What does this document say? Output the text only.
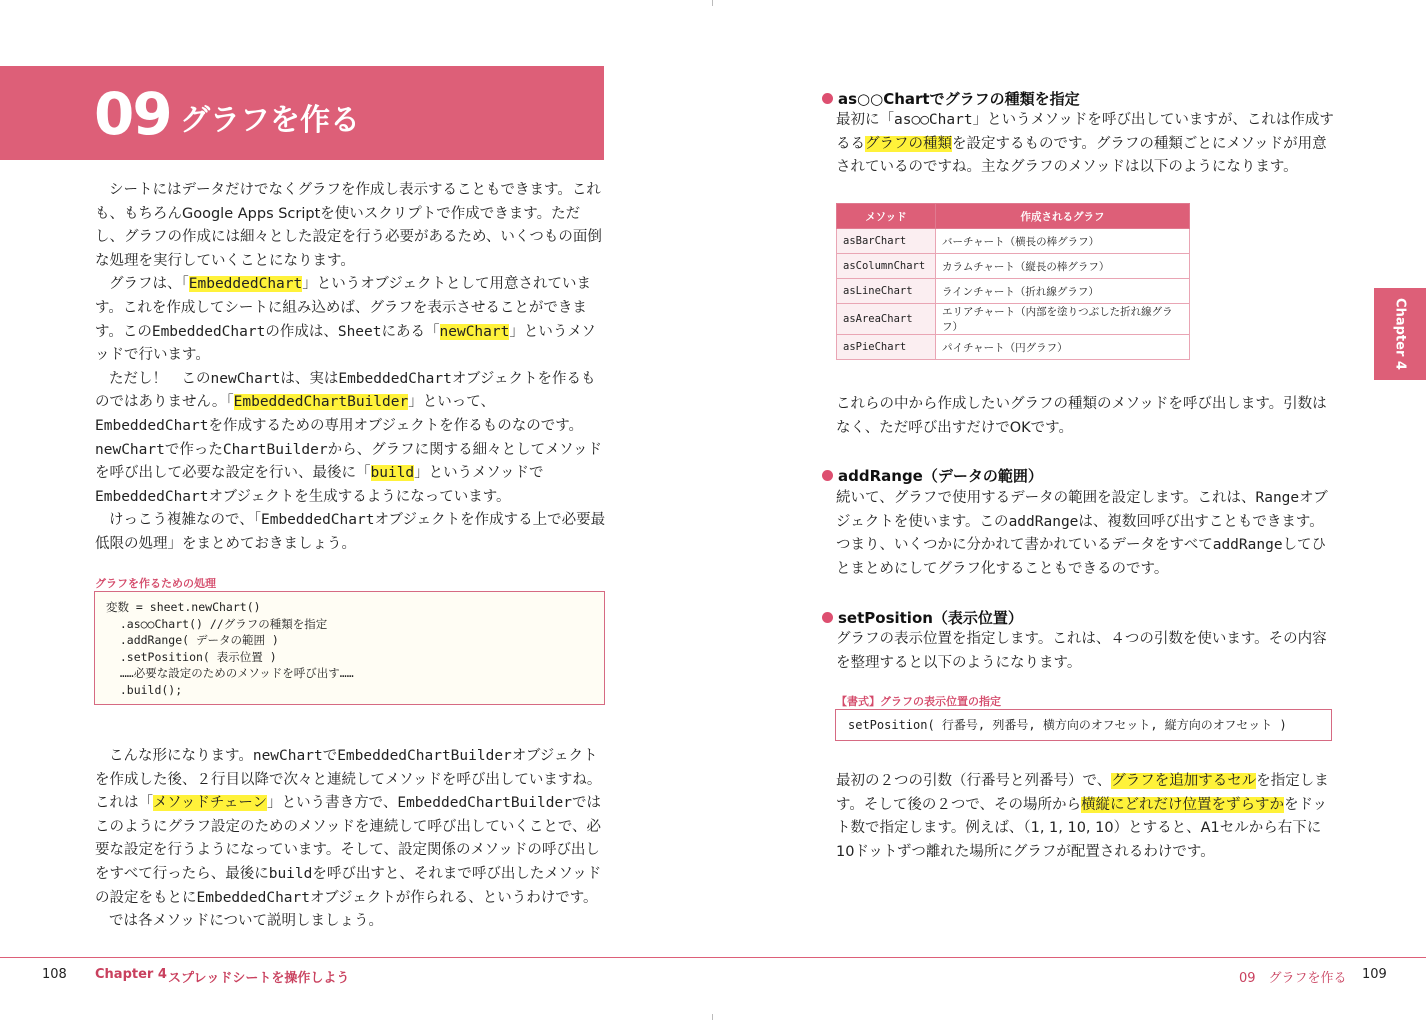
09 グラフを作る

シートにはデータだけでなくグラフを作成し表示することもできます。これも、もちろんGoogle Apps Scriptを使いスクリプトで作成できます。ただし、グラフの作成には細々とした設定を行う必要があるため、いくつもの面倒な処理を実行していくことになります。

グラフは、「EmbeddedChart」というオブジェクトとして用意されています。これを作成してシートに組み込めば、グラフを表示させることができます。このEmbeddedChartの作成は、Sheetにある「newChart」というメソッドで行います。

ただし！　このnewChartは、実はEmbeddedChartオブジェクトを作るものではありません。「EmbeddedChartBuilder」といって、EmbeddedChartを作成するための専用オブジェクトを作るものなのです。newChartで作ったChartBuilderから、グラフに関する細々としてメソッドを呼び出して必要な設定を行い、最後に「build」というメソッドでEmbeddedChartオブジェクトを生成するようになっています。

けっこう複雑なので、「EmbeddedChartオブジェクトを作成する上で必要最低限の処理」をまとめておきましょう。

グラフを作るための処理
変数 = sheet.newChart()
.as○○Chart() //グラフの種類を指定
.addRange( データの範囲 )
.setPosition( 表示位置 )
……必要な設定のためのメソッドを呼び出す……
.build();

こんな形になります。newChartでEmbeddedChartBuilderオブジェクトを作成した後、２行目以降で次々と連続してメソッドを呼び出していますね。これは「メソッドチェーン」という書き方で、EmbeddedChartBuilderではこのようにグラフ設定のためのメソッドを連続して呼び出していくことで、必要な設定を行うようになっています。そして、設定関係のメソッドの呼び出しをすべて行ったら、最後にbuildを呼び出すと、それまで呼び出したメソッドの設定をもとにEmbeddedChartオブジェクトが作られる、というわけです。

では各メソッドについて説明しましょう。

as○○Chartでグラフの種類を指定
最初に「as○○Chart」というメソッドを呼び出していますが、これは作成するるグラフの種類を設定するものです。グラフの種類ごとにメソッドが用意されているのですね。主なグラフのメソッドは以下のようになります。
メソッド	作成されるグラフ
asBarChart	バーチャート（横長の棒グラフ）
asColumnChart	カラムチャート（縦長の棒グラフ）
asLineChart	ラインチャート（折れ線グラフ）
asAreaChart	エリアチャート（内部を塗りつぶした折れ線グラフ）
asPieChart	パイチャート（円グラフ）
これらの中から作成したいグラフの種類のメソッドを呼び出します。引数はなく、ただ呼び出すだけでOKです。
addRange（データの範囲）
続いて、グラフで使用するデータの範囲を設定します。これは、Rangeオブジェクトを使います。このaddRangeは、複数回呼び出すこともできます。つまり、いくつかに分かれて書かれているデータをすべてaddRangeしてひとまとめにしてグラフ化することもできるのです。
setPosition（表示位置）
グラフの表示位置を指定します。これは、４つの引数を使います。その内容を整理すると以下のようになります。
【書式】グラフの表示位置の指定
setPosition( 行番号, 列番号, 横方向のオフセット, 縦方向のオフセット )
最初の２つの引数（行番号と列番号）で、グラフを追加するセルを指定します。そして後の２つで、その場所から横縦にどれだけ位置をずらすかをドット数で指定します。例えば、（1, 1, 10, 10）とすると、A1セルから右下に10ドットずつ離れた場所にグラフが配置されるわけです。
Chapter 4
108 Chapter 4 スプレッドシートを操作しよう	09　グラフを作る 109
